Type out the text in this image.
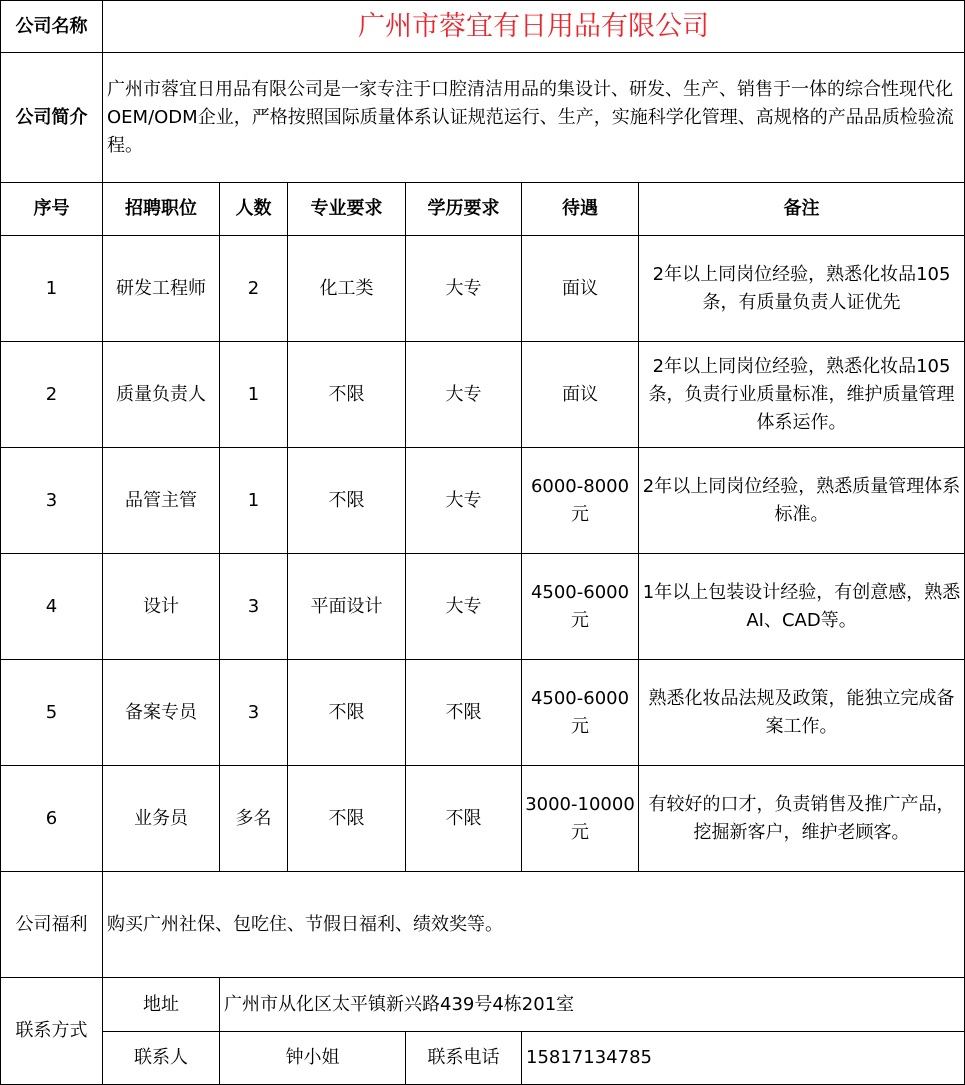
公司名称	广州市蓉宜有日用品有限公司					
公司简介	广州市蓉宜日用品有限公司是一家专注于口腔清洁用品的集设计、研发、生产、销售于一体的综合性现代化OEM/ODM企业，严格按照国际质量体系认证规范运行、生产，实施科学化管理、高规格的产品品质检验流程。					
序号	招聘职位	人数	专业要求	学历要求	待遇	备注
1	研发工程师	2	化工类	大专	面议	2年以上同岗位经验，熟悉化妆品105条，有质量负责人证优先
2	质量负责人	1	不限	大专	面议	2年以上同岗位经验，熟悉化妆品105条，负责行业质量标准，维护质量管理体系运作。
3	品管主管	1	不限	大专	6000-8000元	2年以上同岗位经验，熟悉质量管理体系标准。
4	设计	3	平面设计	大专	4500-6000元	1年以上包装设计经验，有创意感，熟悉AI、CAD等。
5	备案专员	3	不限	不限	4500-6000元	熟悉化妆品法规及政策，能独立完成备案工作。
6	业务员	多名	不限	不限	3000-10000元	有较好的口才，负责销售及推广产品，挖掘新客户，维护老顾客。
公司福利	购买广州社保、包吃住、节假日福利、绩效奖等。					
联系方式	地址	广州市从化区太平镇新兴路439号4栋201室				
	联系人	钟小姐		联系电话	15817134785	
